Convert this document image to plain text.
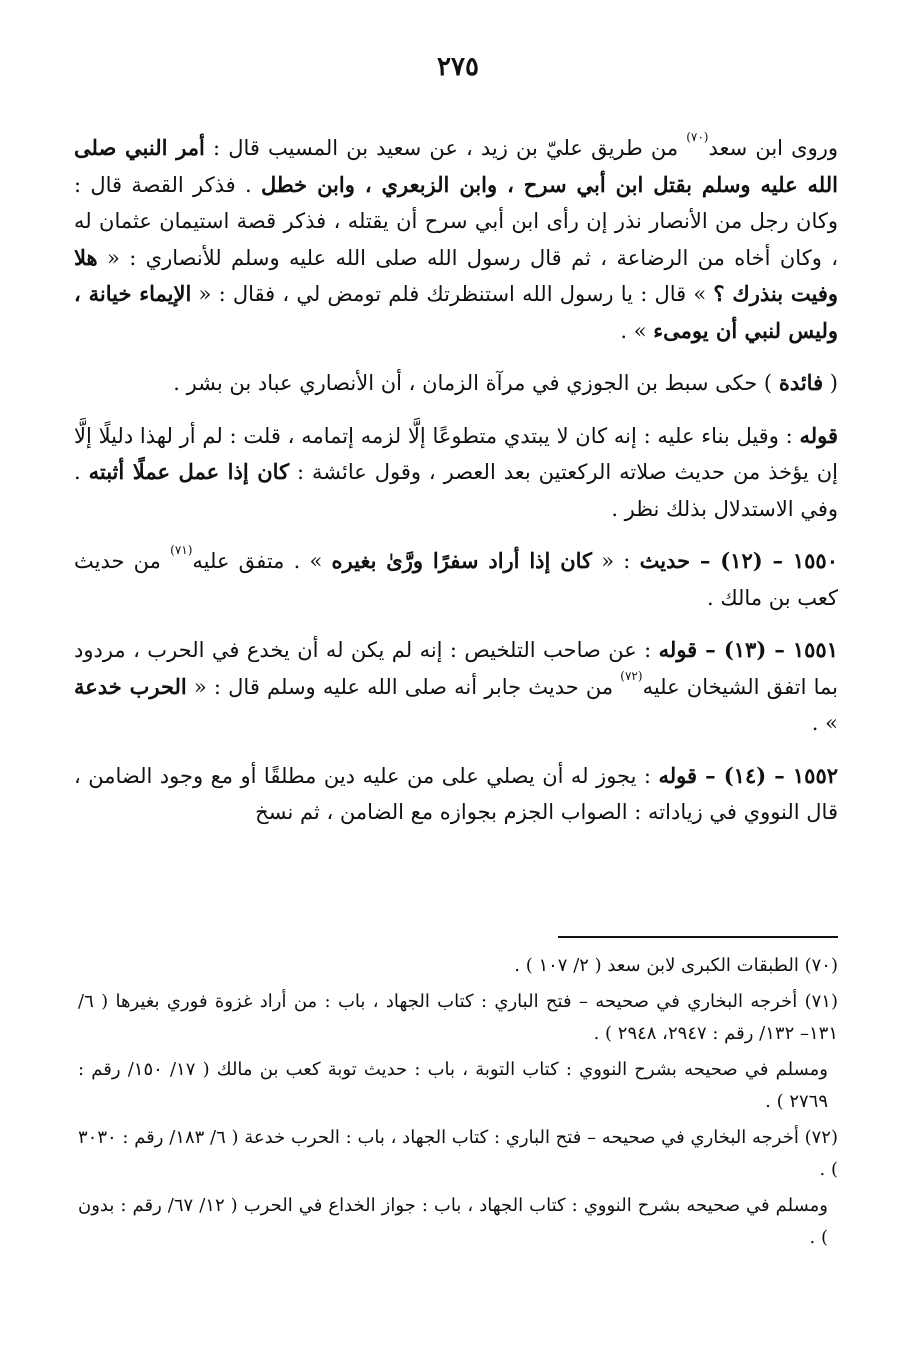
٢٧٥

وروى ابن سعد$^{(٧٠)}$ من طريق عليّ بن زيد ، عن سعيد بن المسيب قال : أمر النبي صلى الله عليه وسلم بقتل ابن أبي سرح ، وابن الزبعري ، وابن خطل . فذكر القصة قال : وكان رجل من الأنصار نذر إن رأى ابن أبي سرح أن يقتله ، فذكر قصة استيمان عثمان له ، وكان أخاه من الرضاعة ، ثم قال رسول الله صلى الله عليه وسلم للأنصاري : « هلا وفيت بنذرك ؟ » قال : يا رسول الله استنظرتك فلم تومض لي ، فقال : « الإيماء خيانة ، وليس لنبي أن يومىء » .

( فائدة ) حكى سبط بن الجوزي في مرآة الزمان ، أن الأنصاري عباد بن بشر .

قوله : وقيل بناء عليه : إنه كان لا يبتدي متطوعًا إلَّا لزمه إتمامه ، قلت : لم أر لهذا دليلًا إلَّا إن يؤخذ من حديث صلاته الركعتين بعد العصر ، وقول عائشة : كان إذا عمل عملًا أثبته . وفي الاستدلال بذلك نظر .

١٥٥٠ – (١٢) – حديث : « كان إذا أراد سفرًا ورَّىٰ بغيره » . متفق عليه$^{(٧١)}$ من حديث كعب بن مالك .

١٥٥١ – (١٣) – قوله : عن صاحب التلخيص : إنه لم يكن له أن يخدع في الحرب ، مردود بما اتفق الشيخان عليه$^{(٧٢)}$ من حديث جابر أنه صلى الله عليه وسلم قال : « الحرب خدعة » .

١٥٥٢ – (١٤) – قوله : يجوز له أن يصلي على من عليه دين مطلقًا أو مع وجود الضامن ، قال النووي في زياداته : الصواب الجزم بجوازه مع الضامن ، ثم نسخ

(٧٠) الطبقات الكبرى لابن سعد ( ٢/ ١٠٧ ) .

(٧١) أخرجه البخاري في صحيحه – فتح الباري : كتاب الجهاد ، باب : من أراد غزوة فوري بغيرها ( ٦/ ١٣١– ١٣٢/ رقم : ٢٩٤٧، ٢٩٤٨ ) .

ومسلم في صحيحه بشرح النووي : كتاب التوبة ، باب : حديث توبة كعب بن مالك ( ١٧/ ١٥٠/ رقم : ٢٧٦٩ ) .

(٧٢) أخرجه البخاري في صحيحه – فتح الباري : كتاب الجهاد ، باب : الحرب خدعة ( ٦/ ١٨٣/ رقم : ٣٠٣٠ ) .

ومسلم في صحيحه بشرح النووي : كتاب الجهاد ، باب : جواز الخداع في الحرب ( ١٢/ ٦٧/ رقم : بدون ) .
